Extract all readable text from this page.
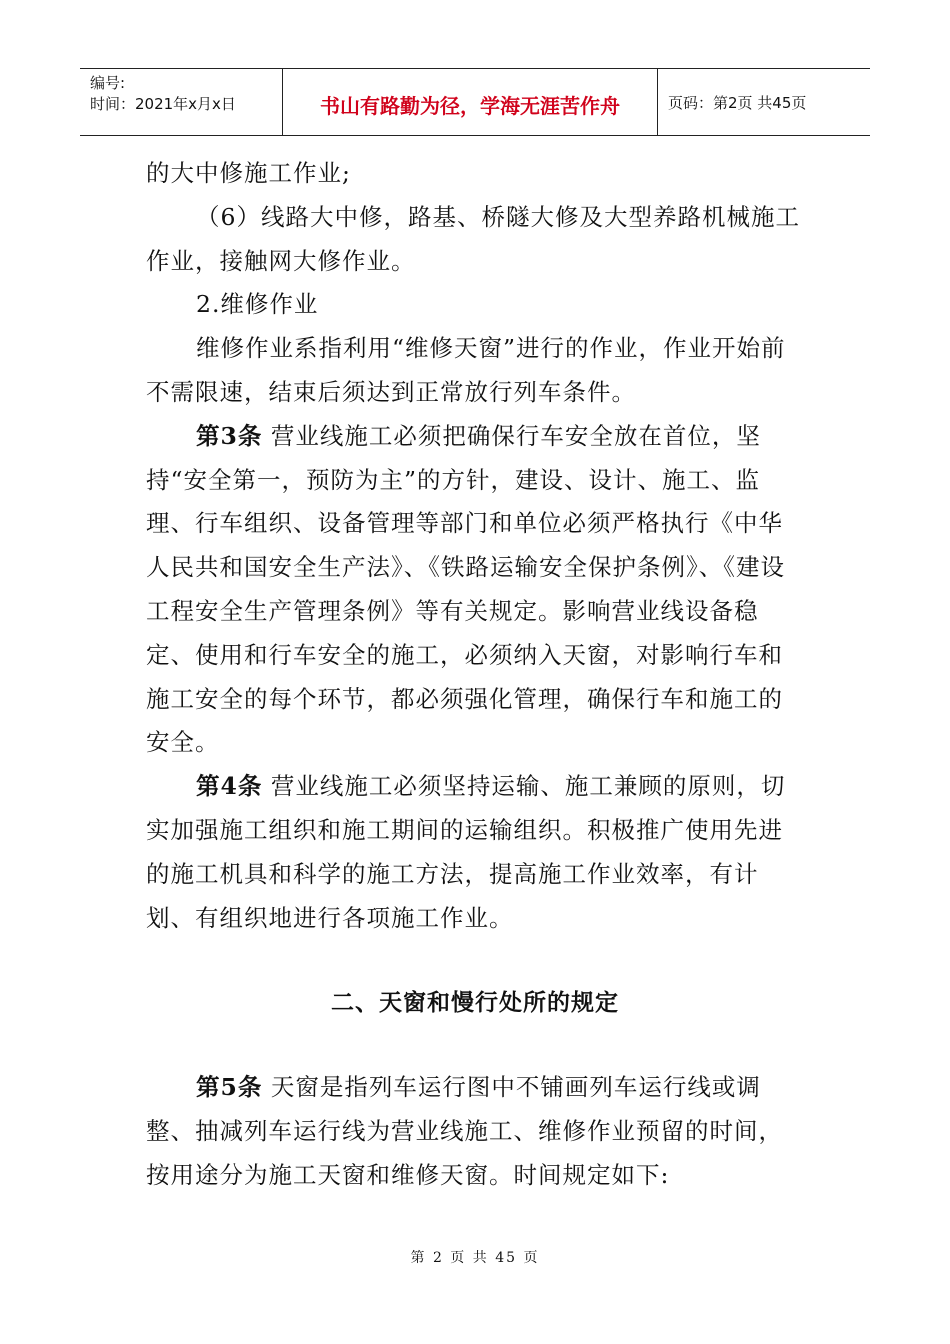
编号:
时间：2021年x月x日	书山有路勤为径，学海无涯苦作舟	页码：第2页 共45页

的大中修施工作业;

（6）线路大中修，路基、桥隧大修及大型养路机械施工作业，接触网大修作业。

2.维修作业

维修作业系指利用“维修天窗”进行的作业，作业开始前不需限速，结束后须达到正常放行列车条件。

第3条 营业线施工必须把确保行车安全放在首位，坚持“安全第一，预防为主”的方针，建设、设计、施工、监理、行车组织、设备管理等部门和单位必须严格执行《中华人民共和国安全生产法》、《铁路运输安全保护条例》、《建设工程安全生产管理条例》等有关规定。影响营业线设备稳定、使用和行车安全的施工，必须纳入天窗，对影响行车和施工安全的每个环节，都必须强化管理，确保行车和施工的安全。

第4条 营业线施工必须坚持运输、施工兼顾的原则，切实加强施工组织和施工期间的运输组织。积极推广使用先进的施工机具和科学的施工方法，提高施工作业效率，有计划、有组织地进行各项施工作业。

二、天窗和慢行处所的规定

第5条 天窗是指列车运行图中不铺画列车运行线或调整、抽减列车运行线为营业线施工、维修作业预留的时间，按用途分为施工天窗和维修天窗。时间规定如下:

第 2 页 共 45 页
